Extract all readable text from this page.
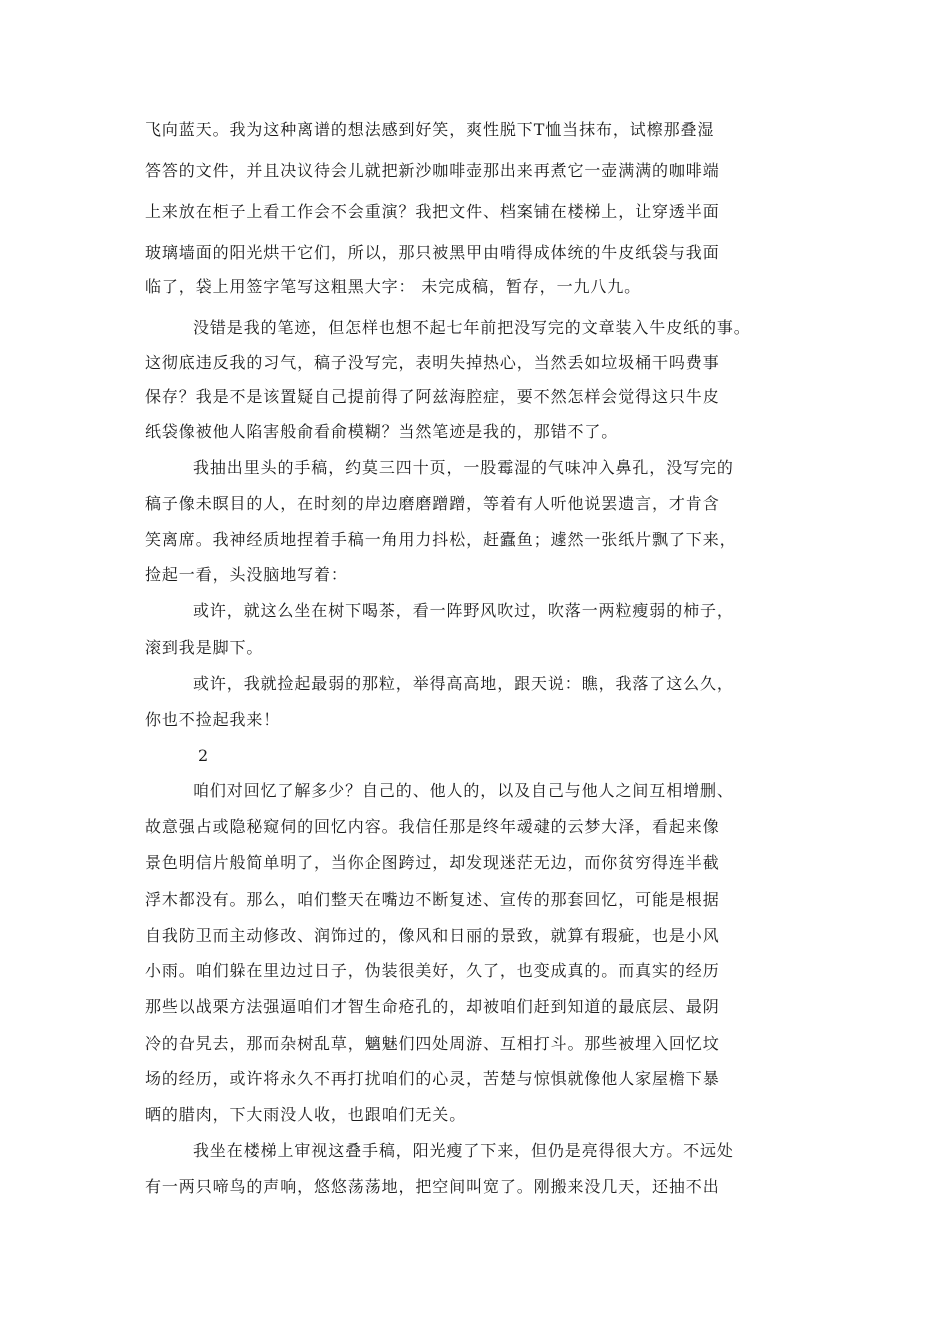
飞向蓝天。我为这种离谱的想法感到好笑，爽性脱下T恤当抹布，试檫那叠湿
答答的文件，并且决议待会儿就把新沙咖啡壶那出来再煮它一壶满满的咖啡端
上来放在柜子上看工作会不会重演？我把文件、档案铺在楼梯上，让穿透半面
玻璃墙面的阳光烘干它们，所以，那只被黑甲由啃得成体统的牛皮纸袋与我面
临了，袋上用签字笔写这粗黑大字： 未完成稿，暂存，一九八九。
没错是我的笔迹，但怎样也想不起七年前把没写完的文章装入牛皮纸的事。
这彻底违反我的习气，稿子没写完，表明失掉热心，当然丢如垃圾桶干吗费事
保存？我是不是该置疑自己提前得了阿兹海腔症，要不然怎样会觉得这只牛皮
纸袋像被他人陷害般俞看俞模糊？当然笔迹是我的，那错不了。
我抽出里头的手稿，约莫三四十页，一股霉湿的气味冲入鼻孔，没写完的
稿子像未瞑目的人，在时刻的岸边磨磨蹭蹭，等着有人听他说罢遗言，才肯含
笑离席。我神经质地捏着手稿一角用力抖松，赶蠹鱼；遽然一张纸片飘了下来，
捡起一看，头没脑地写着：
或许，就这么坐在树下喝茶，看一阵野风吹过，吹落一两粒瘦弱的柿子，
滚到我是脚下。
或许，我就捡起最弱的那粒，举得高高地，跟天说：瞧，我落了这么久，
你也不捡起我来！
2
咱们对回忆了解多少？自己的、他人的，以及自己与他人之间互相增删、
故意强占或隐秘窥伺的回忆内容。我信任那是终年叆叇的云梦大泽，看起来像
景色明信片般简单明了，当你企图跨过，却发现迷茫无边，而你贫穷得连半截
浮木都没有。那么，咱们整天在嘴边不断复述、宣传的那套回忆，可能是根据
自我防卫而主动修改、润饰过的，像风和日丽的景致，就算有瑕疵，也是小风
小雨。咱们躲在里边过日子，伪装很美好，久了，也变成真的。而真实的经历
那些以战栗方法强逼咱们才智生命疮孔的，却被咱们赶到知道的最底层、最阴
冷的旮旯去，那而杂树乱草，魑魅们四处周游、互相打斗。那些被埋入回忆坟
场的经历，或许将永久不再打扰咱们的心灵，苦楚与惊惧就像他人家屋檐下暴
晒的腊肉，下大雨没人收，也跟咱们无关。
我坐在楼梯上审视这叠手稿，阳光瘦了下来，但仍是亮得很大方。不远处
有一两只啼鸟的声响，悠悠荡荡地，把空间叫宽了。刚搬来没几天，还抽不出
